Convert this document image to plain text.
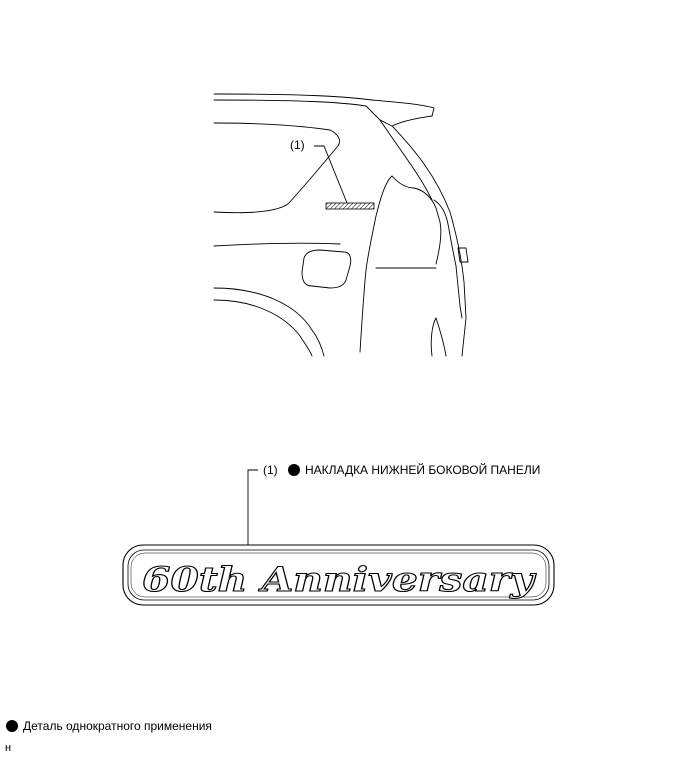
(1)
(1) НАКЛАДКА НИЖНЕЙ БОКОВОЙ ПАНЕЛИ
60th Anniversary
Деталь однократного применения
н
